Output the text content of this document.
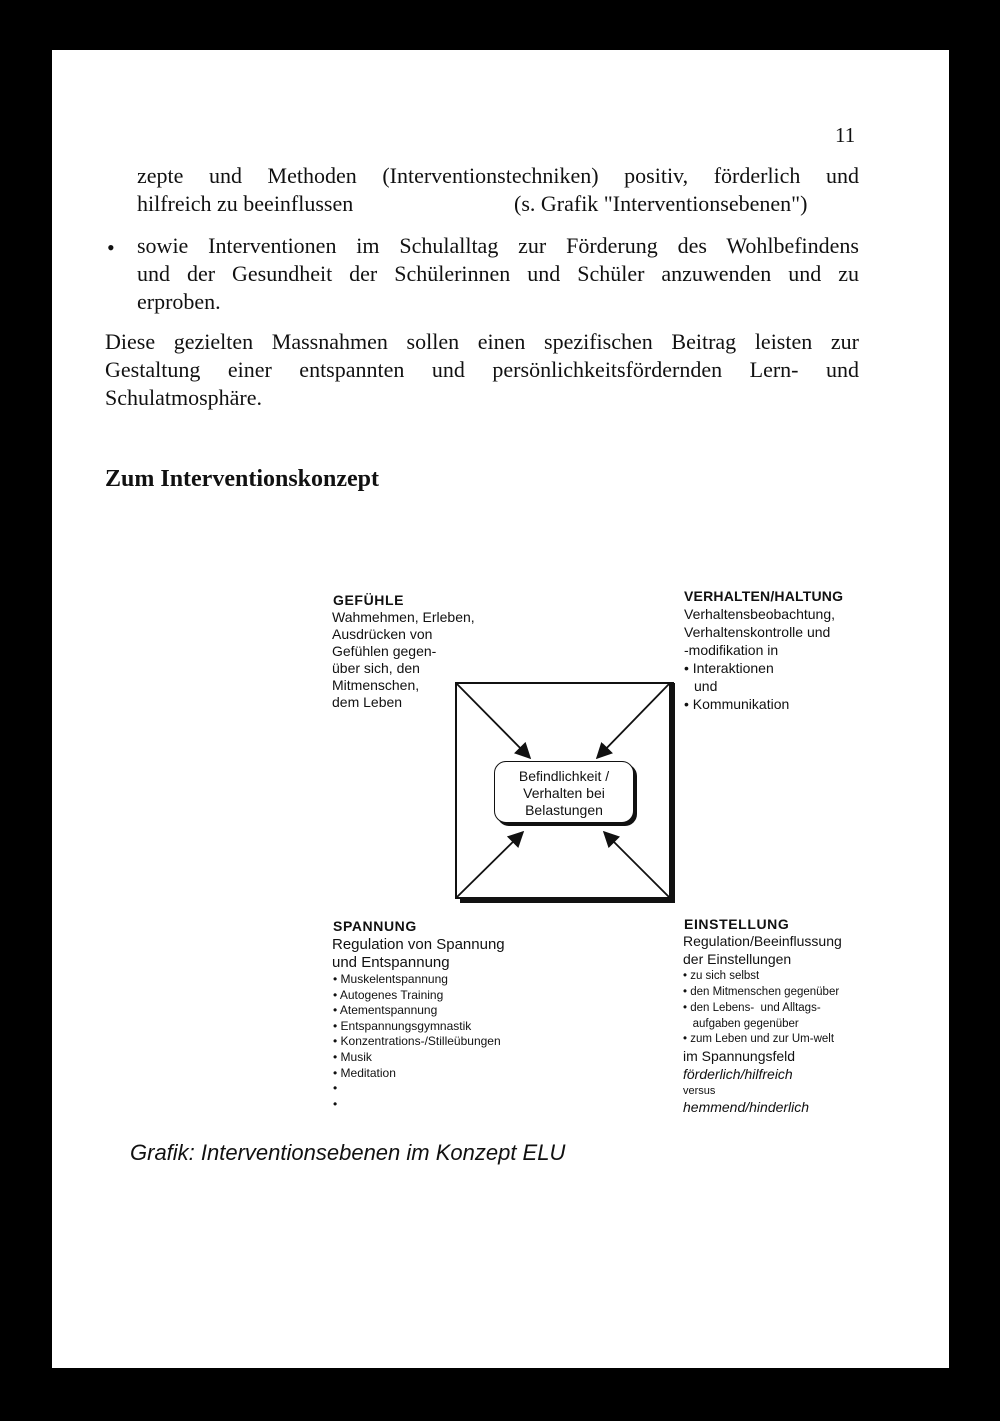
11

zepte und Methoden (Interventionstechniken) positiv, förderlich und

hilfreich zu beeinflussen	(s. Grafik "Interventionsebenen")

• sowie Interventionen im Schulalltag zur Förderung des Wohlbefindens

und der Gesundheit der Schülerinnen und Schüler anzuwenden und zu

erproben.

Diese gezielten Massnahmen sollen einen spezifischen Beitrag leisten zur

Gestaltung einer entspannten und persönlichkeitsfördernden Lern- und

Schulatmosphäre.

Zum Interventionskonzept
Befindlichkeit /
Verhalten bei
Belastungen
GEFÜHLE
Wahmehmen, Erleben,
Ausdrücken von
Gefühlen gegen-
über sich, den
Mitmenschen,
dem Leben
VERHALTEN/HALTUNG
Verhaltensbeobachtung,
Verhaltenskontrolle und
-modifikation in
• Interaktionen
und
• Kommunikation
SPANNUNG
Regulation von Spannung
und Entspannung
• Muskelentspannung
• Autogenes Training
• Atementspannung
• Entspannungsgymnastik
• Konzentrations-/Stilleübungen
• Musik
• Meditation
•
•
EINSTELLUNG
Regulation/Beeinflussung
der Einstellungen
• zu sich selbst
• den Mitmenschen gegenüber
• den Lebens-  und Alltags-
aufgaben gegenüber
• zum Leben und zur Um-welt
im Spannungsfeld
förderlich/hilfreich
versus
hemmend/hinderlich
Grafik: Interventionsebenen im Konzept ELU
